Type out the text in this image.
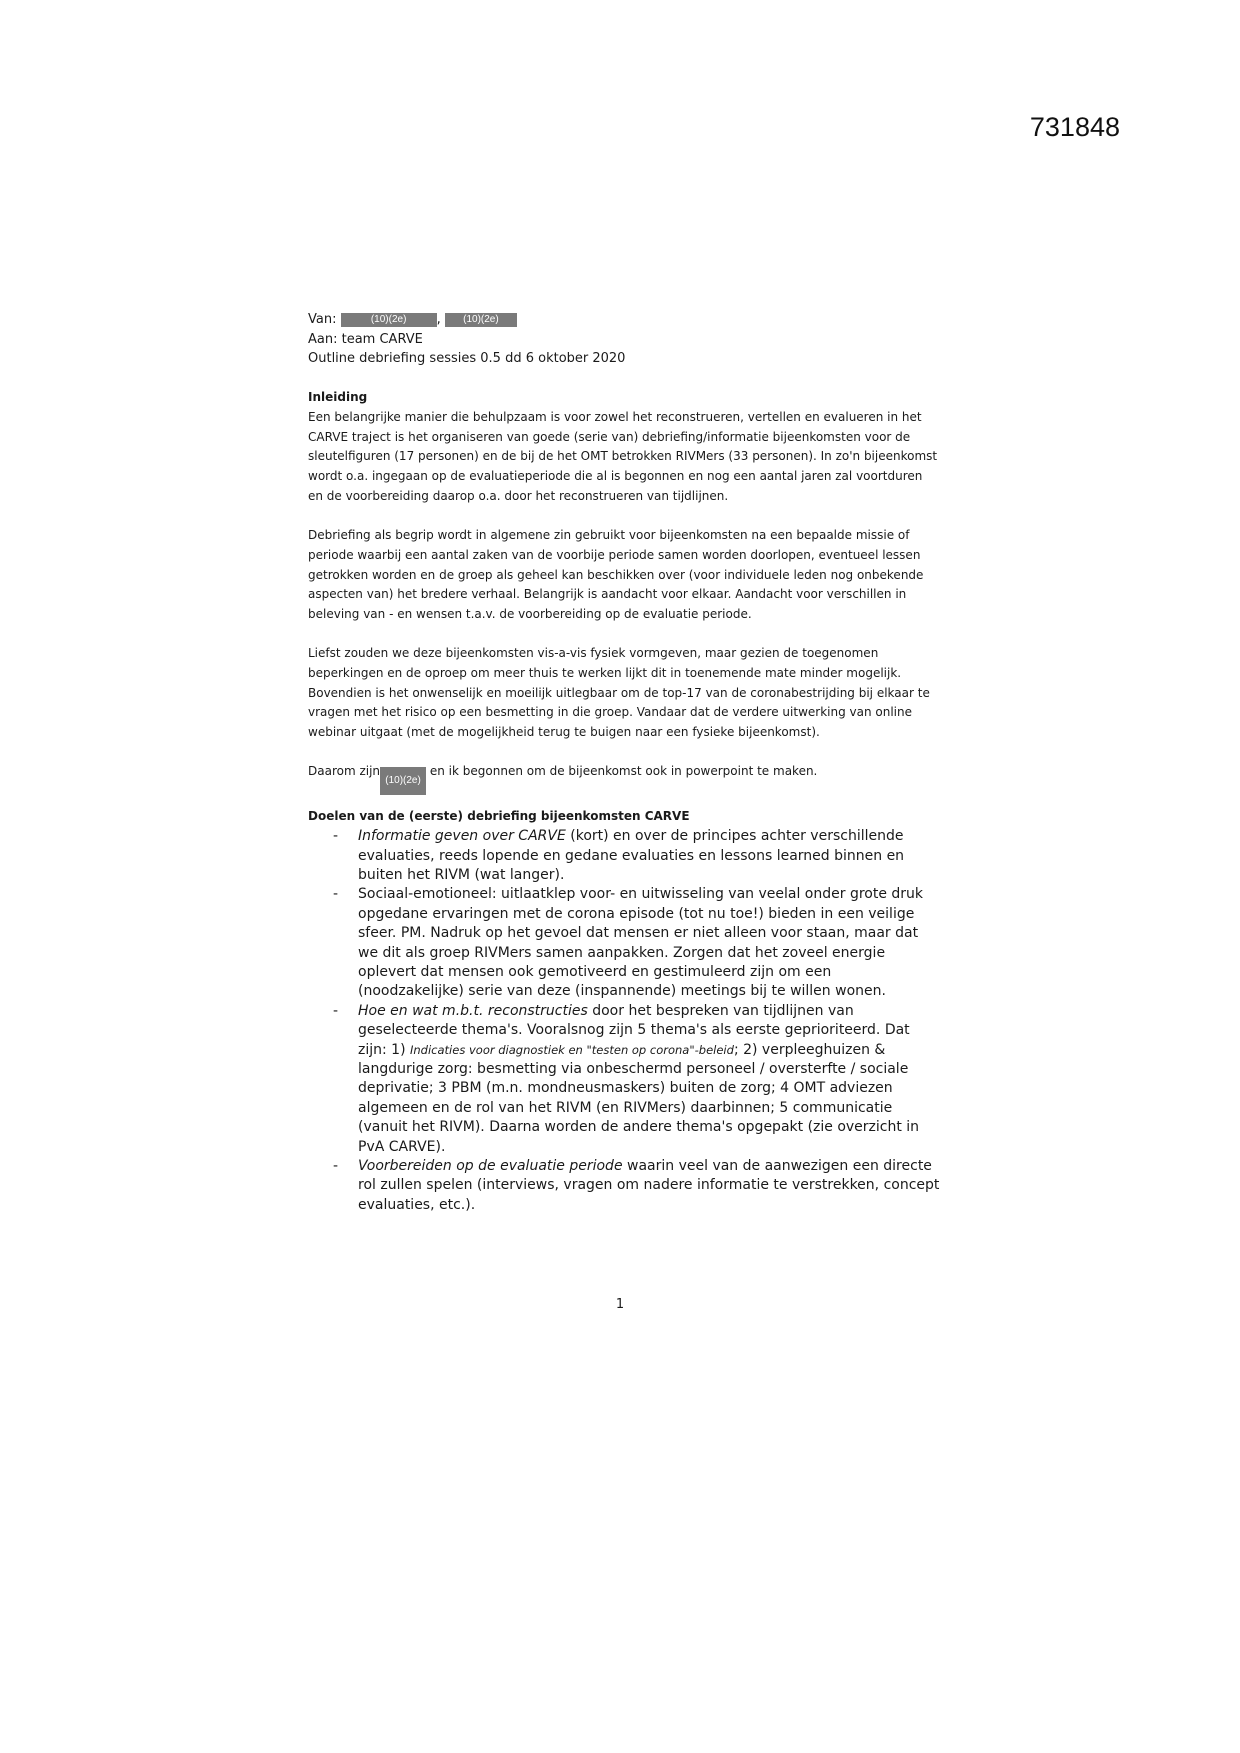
731848

Van:	(10)(2e) , (10)(2e)

Aan: team CARVE

Outline debriefing sessies 0.5 dd 6 oktober 2020

Inleiding

Een belangrijke manier die behulpzaam is voor zowel het reconstrueren, vertellen en evalueren in het CARVE traject is het organiseren van goede (serie van) debriefing/informatie bijeenkomsten voor de sleutelfiguren (17 personen) en de bij de het OMT betrokken RIVMers (33 personen). In zo'n bijeenkomst wordt o.a. ingegaan op de evaluatieperiode die al is begonnen en nog een aantal jaren zal voortduren en de voorbereiding daarop o.a. door het reconstrueren van tijdlijnen.

Debriefing als begrip wordt in algemene zin gebruikt voor bijeenkomsten na een bepaalde missie of periode waarbij een aantal zaken van de voorbije periode samen worden doorlopen, eventueel lessen getrokken worden en de groep als geheel kan beschikken over (voor individuele leden nog onbekende aspecten van) het bredere verhaal. Belangrijk is aandacht voor elkaar. Aandacht voor verschillen in beleving van - en wensen t.a.v. de voorbereiding op de evaluatie periode.

Liefst zouden we deze bijeenkomsten vis-a-vis fysiek vormgeven, maar gezien de toegenomen beperkingen en de oproep om meer thuis te werken lijkt dit in toenemende mate minder mogelijk. Bovendien is het onwenselijk en moeilijk uitlegbaar om de top-17 van de coronabestrijding bij elkaar te vragen met het risico op een besmetting in die groep. Vandaar dat de verdere uitwerking van online webinar uitgaat (met de mogelijkheid terug te buigen naar een fysieke bijeenkomst).

Daarom zijn(10)(2e) en ik begonnen om de bijeenkomst ook in powerpoint te maken.

Doelen van de (eerste) debriefing bijeenkomsten CARVE

- Informatie geven over CARVE (kort) en over de principes achter verschillende evaluaties, reeds lopende en gedane evaluaties en lessons learned binnen en buiten het RIVM (wat langer).
- Sociaal-emotioneel: uitlaatklep voor- en uitwisseling van veelal onder grote druk opgedane ervaringen met de corona episode (tot nu toe!) bieden in een veilige sfeer. PM. Nadruk op het gevoel dat mensen er niet alleen voor staan, maar dat we dit als groep RIVMers samen aanpakken. Zorgen dat het zoveel energie oplevert dat mensen ook gemotiveerd en gestimuleerd zijn om een (noodzakelijke) serie van deze (inspannende) meetings bij te willen wonen.
- Hoe en wat m.b.t. reconstructies door het bespreken van tijdlijnen van geselecteerde thema's. Vooralsnog zijn 5 thema's als eerste geprioriteerd. Dat zijn: 1) Indicaties voor diagnostiek en "testen op corona"-beleid; 2) verpleeghuizen & langdurige zorg: besmetting via onbeschermd personeel / oversterfte / sociale deprivatie; 3 PBM (m.n. mondneusmaskers) buiten de zorg; 4 OMT adviezen algemeen en de rol van het RIVM (en RIVMers) daarbinnen; 5 communicatie (vanuit het RIVM). Daarna worden de andere thema's opgepakt (zie overzicht in PvA CARVE).
- Voorbereiden op de evaluatie periode waarin veel van de aanwezigen een directe rol zullen spelen (interviews, vragen om nadere informatie te verstrekken, concept evaluaties, etc.).
1
